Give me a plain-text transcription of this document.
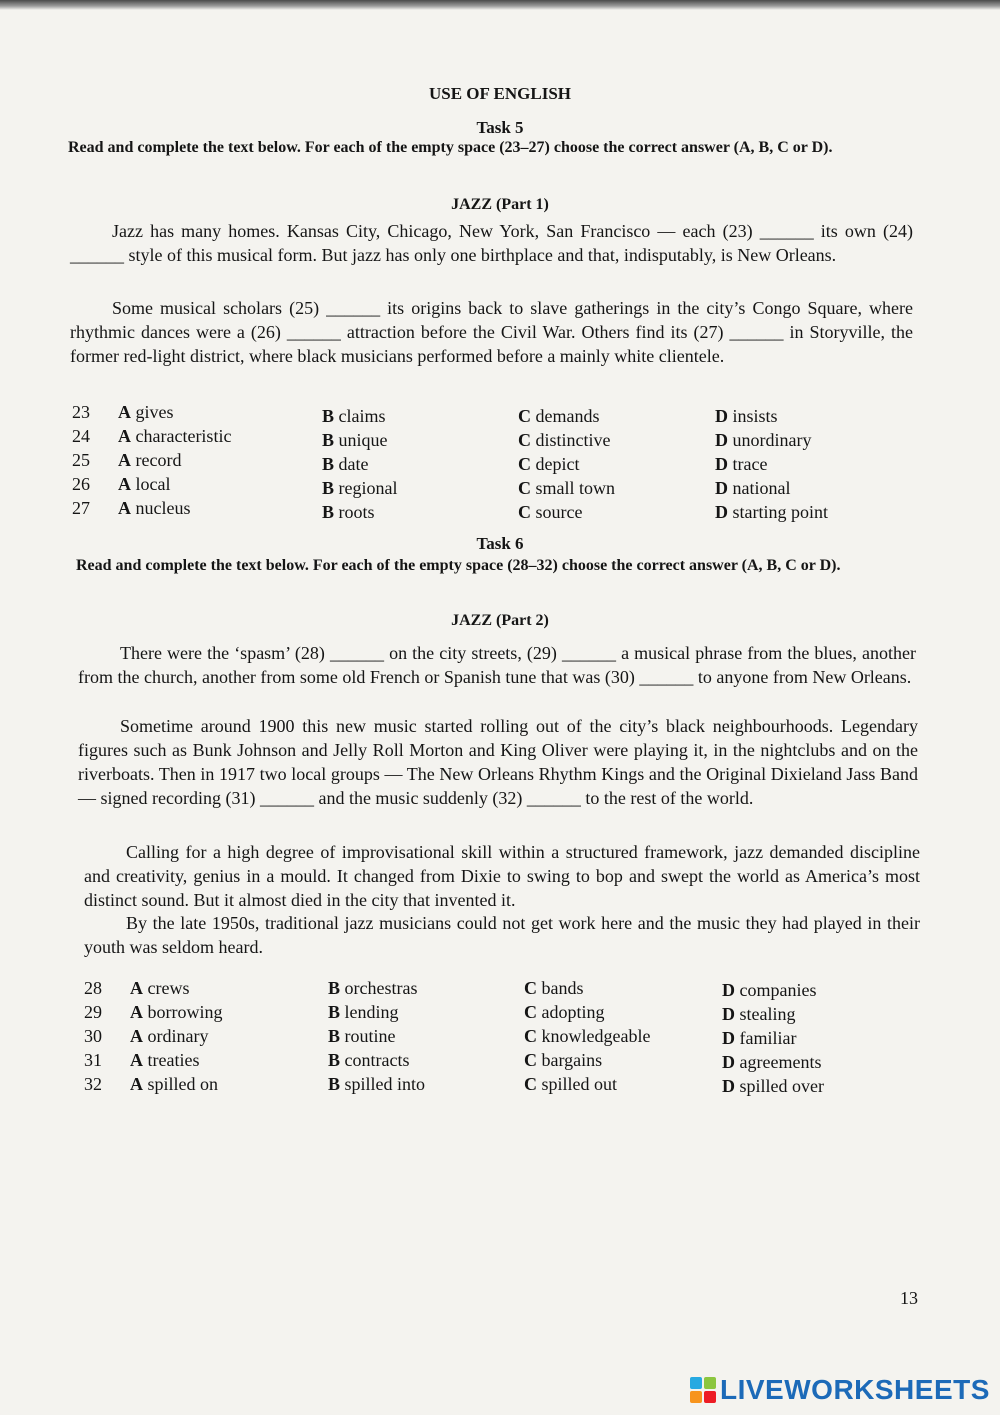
USE OF ENGLISH
Task 5

Read and complete the text below. For each of the empty space (23–27) choose the correct answer (A, B, C or D).

JAZZ (Part 1)

Jazz has many homes. Kansas City, Chicago, New York, San Francisco — each (23) ______ its own (24) ______ style of this musical form. But jazz has only one birthplace and that, indisputably, is New Orleans.

Some musical scholars (25) ______ its origins back to slave gatherings in the city’s Congo Square, where rhythmic dances were a (26) ______ attraction before the Civil War. Others find its (27) ______ in Storyville, the former red-light district, where black musicians performed before a mainly white clientele.

23 A gives	B claims	C demands	D insists
24 A characteristic	B unique	C distinctive	D unordinary
25 A record	B date	C depict	D trace
26 A local	B regional	C small town	D national
27 A nucleus	B roots	C source	D starting point
Task 6

Read and complete the text below. For each of the empty space (28–32) choose the correct answer (A, B, C or D).

JAZZ (Part 2)

There were the ‘spasm’ (28) ______ on the city streets, (29) ______ a musical phrase from the blues, another from the church, another from some old French or Spanish tune that was (30) ______ to anyone from New Orleans.

Sometime around 1900 this new music started rolling out of the city’s black neighbourhoods. Legendary figures such as Bunk Johnson and Jelly Roll Morton and King Oliver were playing it, in the nightclubs and on the riverboats. Then in 1917 two local groups — The New Orleans Rhythm Kings and the Original Dixieland Jass Band — signed recording (31) ______ and the music suddenly (32) ______ to the rest of the world.

Calling for a high degree of improvisational skill within a structured framework, jazz demanded discipline and creativity, genius in a mould. It changed from Dixie to swing to bop and swept the world as America’s most distinct sound. But it almost died in the city that invented it.

By the late 1950s, traditional jazz musicians could not get work here and the music they had played in their youth was seldom heard.

28 A crews	B orchestras	C bands	D companies
29 A borrowing	B lending	C adopting	D stealing
30 A ordinary	B routine	C knowledgeable	D familiar
31 A treaties	B contracts	C bargains	D agreements
32 A spilled on	B spilled into	C spilled out	D spilled over
13
LIVEWORKSHEETS
